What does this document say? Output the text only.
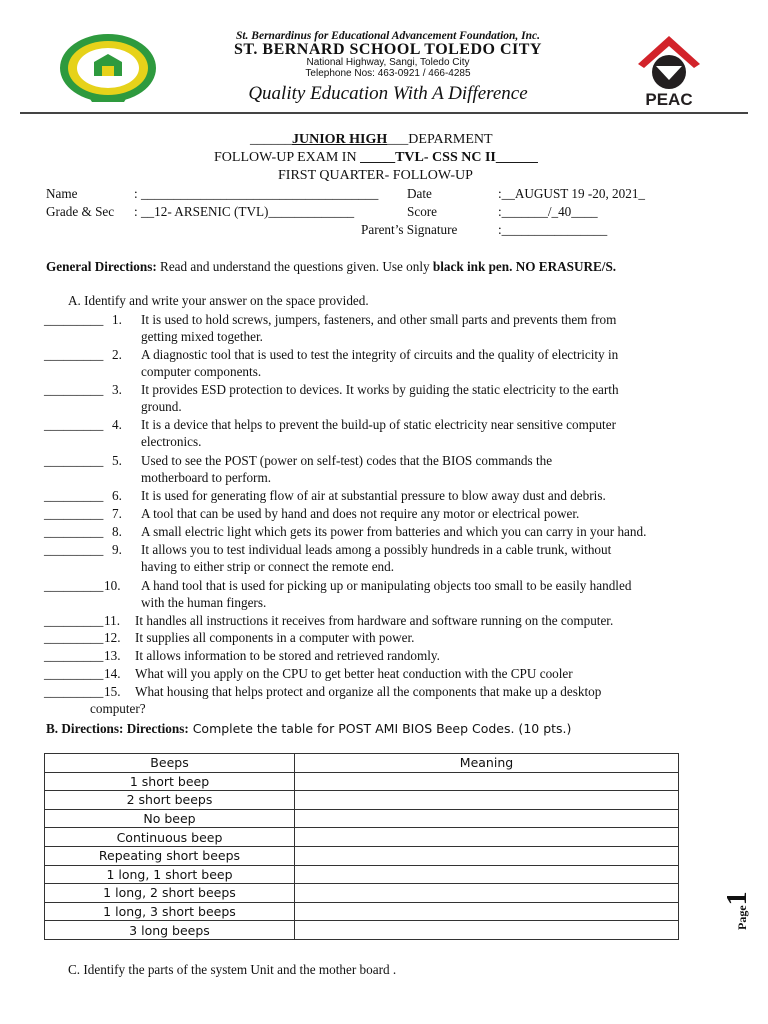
St. Bernardinus for Educational Advancement Foundation, Inc.
ST. BERNARD SCHOOL TOLEDO CITY
National Highway, Sangi, Toledo City
Telephone Nos: 463-0921 / 466-4285
Quality Education With A Difference	PEAC
______JUNIOR HIGH___DEPARMENT
FOLLOW-UP EXAM IN _____TVL- CSS NC II______
FIRST QUARTER- FOLLOW-UP
Name	: ____________________________________ Date	:__AUGUST 19 -20, 2021_
Grade & Sec : __12- ARSENIC (TVL)_____________	Score	:_______/_40____
Parent’s Signature	:________________
General Directions: Read and understand the questions given. Use only black ink pen. NO ERASURE/S.
A. Identify and write your answer on the space provided.
_________ 1. It is used to hold screws, jumpers, fasteners, and other small parts and prevents them from
getting mixed together.
_________ 2. A diagnostic tool that is used to test the integrity of circuits and the quality of electricity in
computer components.
_________ 3. It provides ESD protection to devices. It works by guiding the static electricity to the earth
ground.
_________ 4. It is a device that helps to prevent the build-up of static electricity near sensitive computer
electronics.
_________ 5. Used to see the POST (power on self-test) codes that the BIOS commands the
motherboard to perform.
_________ 6. It is used for generating flow of air at substantial pressure to blow away dust and debris.
_________ 7. A tool that can be used by hand and does not require any motor or electrical power.
_________ 8. A small electric light which gets its power from batteries and which you can carry in your hand.
_________ 9. It allows you to test individual leads among a possibly hundreds in a cable trunk, without
having to either strip or connect the remote end.
_________ 10. A hand tool that is used for picking up or manipulating objects too small to be easily handled
with the human fingers.
_________ 11. It handles all instructions it receives from hardware and software running on the computer.
_________ 12. It supplies all components in a computer with power.
_________ 13. It allows information to be stored and retrieved randomly.
_________ 14. What will you apply on the CPU to get better heat conduction with the CPU cooler
_________ 15. What housing that helps protect and organize all the components that make up a desktop
computer?
B. Directions: Directions: Complete the table for POST AMI BIOS Beep Codes. (10 pts.)
Beeps	Meaning
1 short beep	
2 short beeps	
No beep	
Continuous beep	
Repeating short beeps	
1 long, 1 short beep	
1 long, 2 short beeps	
1 long, 3 short beeps	
3 long beeps	
C. Identify the parts of the system Unit and the mother board .
Page1
